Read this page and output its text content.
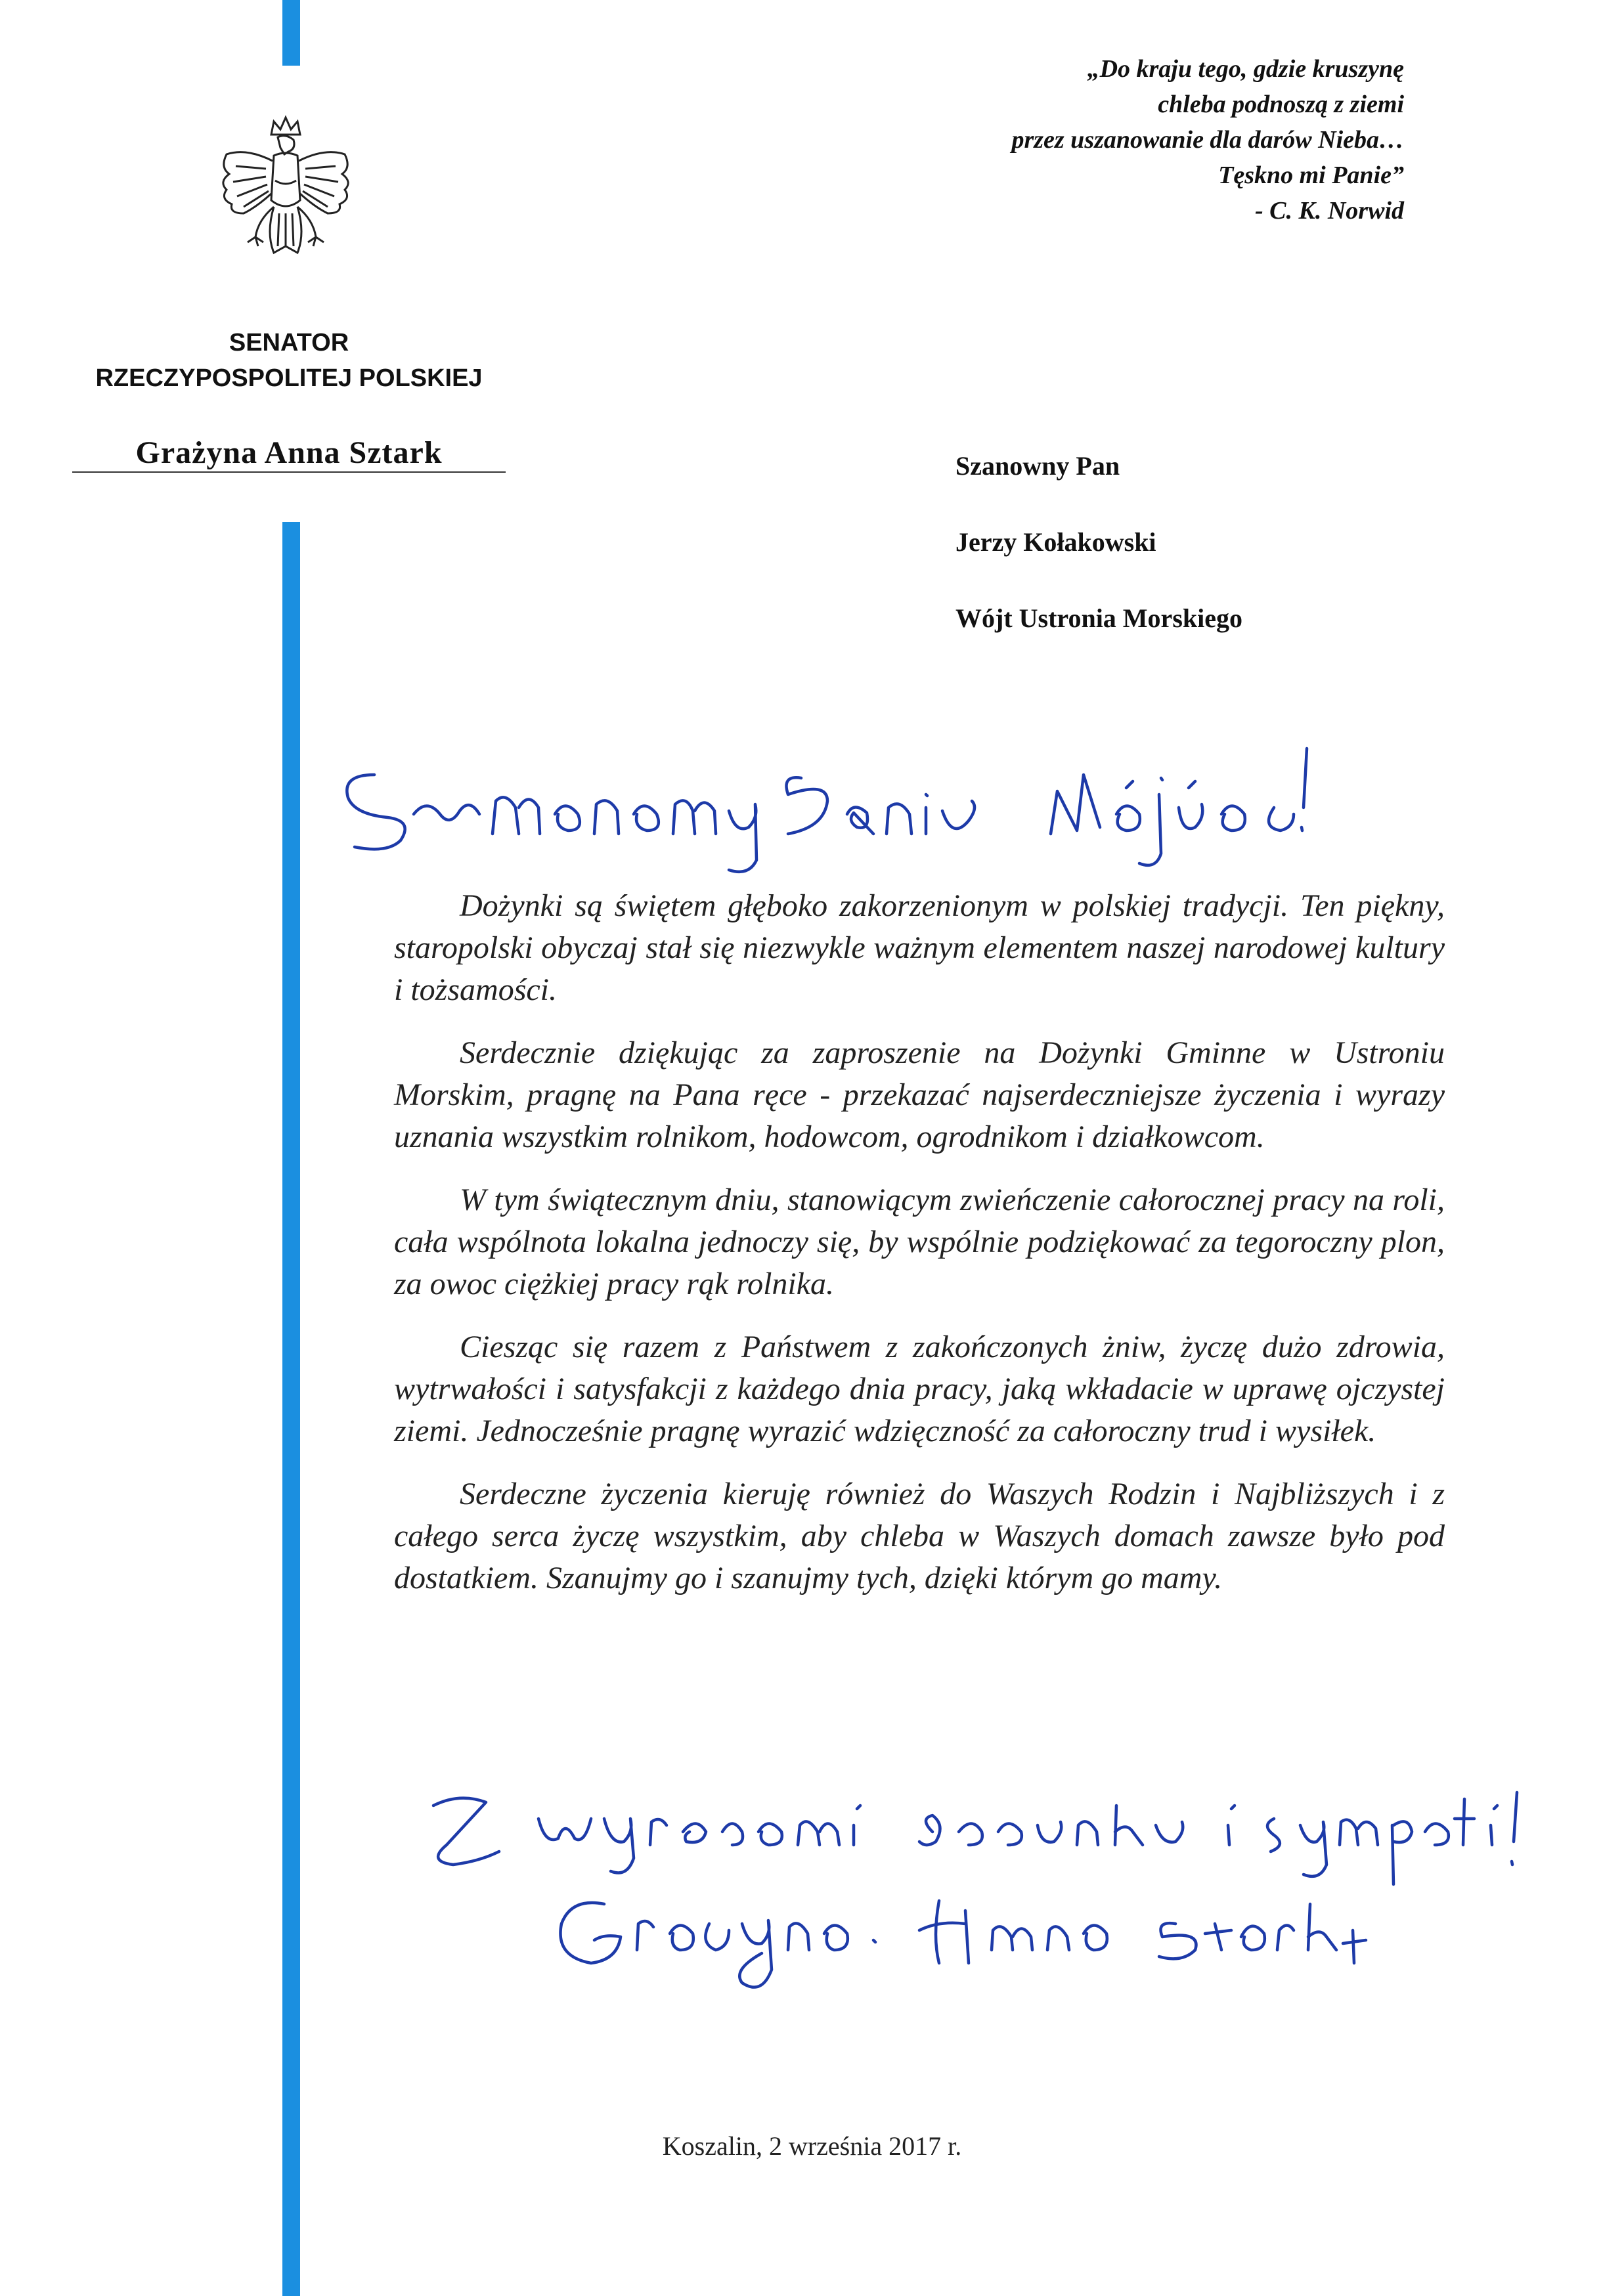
SENATOR
RZECZYPOSPOLITEJ POLSKIEJ
Grażyna Anna Sztark
„Do kraju tego, gdzie kruszynę
chleba podnoszą z ziemi
przez uszanowanie dla darów Nieba…
Tęskno mi Panie”
- C. K. Norwid
Szanowny Pan
Jerzy Kołakowski
Wójt Ustronia Morskiego

Dożynki są świętem głęboko zakorzenionym w polskiej tradycji. Ten piękny, staropolski obyczaj stał się niezwykle ważnym elementem naszej narodowej kultury i tożsamości.

Serdecznie dziękując za zaproszenie na Dożynki Gminne w Ustroniu Morskim, pragnę na Pana ręce - przekazać najserdeczniejsze życzenia i wyrazy uznania wszystkim rolnikom, hodowcom, ogrodnikom i działkowcom.

W tym świątecznym dniu, stanowiącym zwieńczenie całorocznej pracy na roli, cała wspólnota lokalna jednoczy się, by wspólnie podziękować za tegoroczny plon, za owoc ciężkiej pracy rąk rolnika.

Ciesząc się razem z Państwem z zakończonych żniw, życzę dużo zdrowia, wytrwałości i satysfakcji z każdego dnia pracy, jaką wkładacie w uprawę ojczystej ziemi. Jednocześnie pragnę wyrazić wdzięczność za całoroczny trud i wysiłek.

Serdeczne życzenia kieruję również do Waszych Rodzin i Najbliższych i z całego serca życzę wszystkim, aby chleba w Waszych domach zawsze było pod dostatkiem. Szanujmy go i szanujmy tych, dzięki którym go mamy.

Koszalin, 2 września 2017 r.
